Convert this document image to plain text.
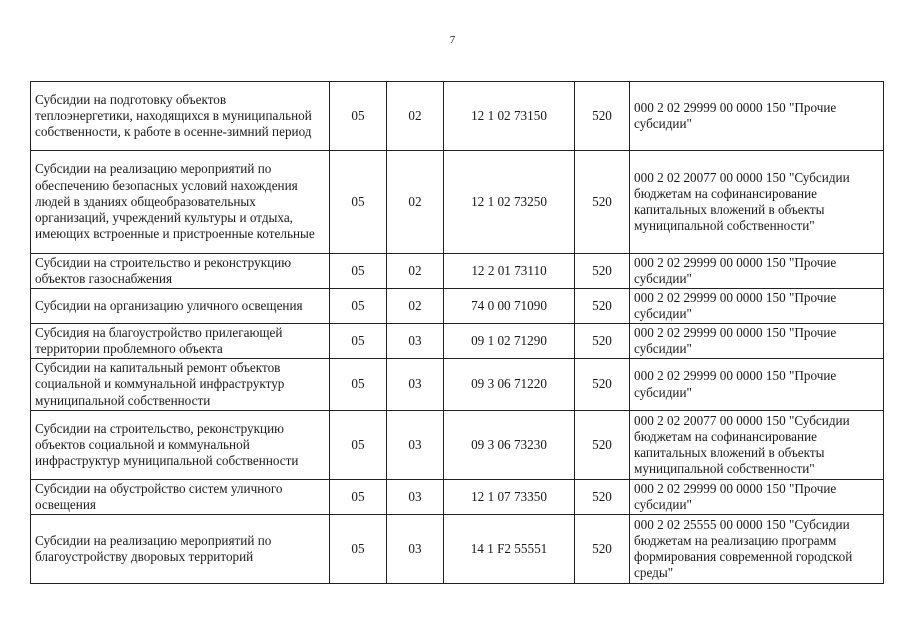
7
Субсидии на подготовку объектов теплоэнергетики, находящихся в муниципальной собственности, к работе в осенне-зимний период	05	02	12 1 02 73150	520	000 2 02 29999 00 0000 150 "Прочие субсидии"
Субсидии на реализацию мероприятий по обеспечению безопасных условий нахождения людей в зданиях общеобразовательных организаций, учреждений культуры и отдыха, имеющих встроенные и пристроенные котельные	05	02	12 1 02 73250	520	000 2 02 20077 00 0000 150 "Субсидии бюджетам на софинансирование капитальных вложений в объекты муниципальной собственности"
Субсидии на строительство и реконструкцию объектов газоснабжения	05	02	12 2 01 73110	520	000 2 02 29999 00 0000 150 "Прочие субсидии"
Субсидии на организацию уличного освещения	05	02	74 0 00 71090	520	000 2 02 29999 00 0000 150 "Прочие субсидии"
Субсидия на благоустройство прилегающей территории проблемного объекта	05	03	09 1 02 71290	520	000 2 02 29999 00 0000 150 "Прочие субсидии"
Субсидии на капитальный ремонт объектов социальной и коммунальной инфраструктур муниципальной собственности	05	03	09 3 06 71220	520	000 2 02 29999 00 0000 150 "Прочие субсидии"
Субсидии на строительство, реконструкцию объектов социальной и коммунальной инфраструктур муниципальной собственности	05	03	09 3 06 73230	520	000 2 02 20077 00 0000 150 "Субсидии бюджетам на софинансирование капитальных вложений в объекты муниципальной собственности"
Субсидии на обустройство систем уличного освещения	05	03	12 1 07 73350	520	000 2 02 29999 00 0000 150 "Прочие субсидии"
Субсидии на реализацию мероприятий по благоустройству дворовых территорий	05	03	14 1 F2 55551	520	000 2 02 25555 00 0000 150 "Субсидии бюджетам на реализацию программ формирования современной городской среды"
